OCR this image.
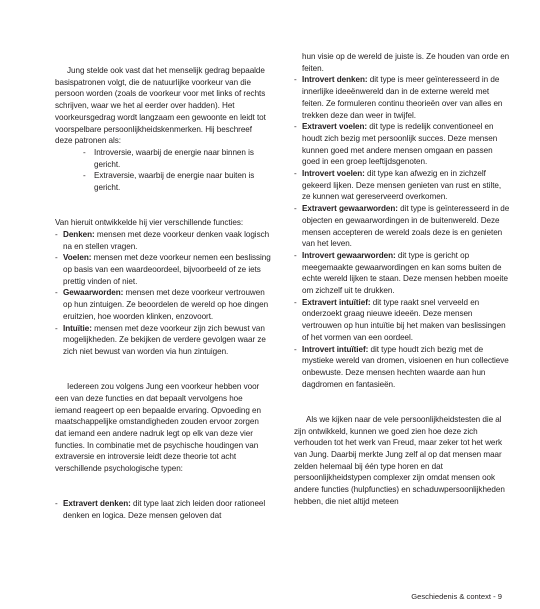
Jung stelde ook vast dat het menselijk gedrag bepaalde basispatronen volgt, die de natuurlijke voorkeur van die persoon worden (zoals de voorkeur voor met links of rechts schrijven, waar we het al eerder over hadden). Het voorkeursgedrag wordt langzaam een gewoonte en leidt tot voorspelbare persoonlijkheidskenmerken. Hij beschreef deze patronen als:

- Introversie, waarbij de energie naar binnen is gericht.
- Extraversie, waarbij de energie naar buiten is gericht.

Van hieruit ontwikkelde hij vier verschillende functies:

- Denken: mensen met deze voorkeur denken vaak logisch na en stellen vragen.
- Voelen: mensen met deze voorkeur nemen een beslissing op basis van een waardeoordeel, bijvoorbeeld of ze iets prettig vinden of niet.
- Gewaarworden: mensen met deze voorkeur vertrouwen op hun zintuigen. Ze beoordelen de wereld op hoe dingen eruitzien, hoe woorden klinken, enzovoort.
- Intuïtie: mensen met deze voorkeur zijn zich bewust van mogelijkheden. Ze bekijken de verdere gevolgen waar ze zich niet bewust van worden via hun zintuigen.

Iedereen zou volgens Jung een voorkeur hebben voor een van deze functies en dat bepaalt vervolgens hoe iemand reageert op een bepaalde ervaring. Opvoeding en maatschappelijke omstandigheden zouden ervoor zorgen dat iemand een andere nadruk legt op elk van deze vier functies. In combinatie met de psychische houdingen van extraversie en introversie leidt deze theorie tot acht verschillende psychologische typen:

- Extravert denken: dit type laat zich leiden door rationeel denken en logica. Deze mensen geloven dat

hun visie op de wereld de juiste is. Ze houden van orde en feiten.

- Introvert denken: dit type is meer geïnteresseerd in de innerlijke ideeënwereld dan in de externe wereld met feiten. Ze formuleren continu theorieën over van alles en trekken deze dan weer in twijfel.
- Extravert voelen: dit type is redelijk conventioneel en houdt zich bezig met persoonlijk succes. Deze mensen kunnen goed met andere mensen omgaan en passen goed in een groep leeftijdsgenoten.
- Introvert voelen: dit type kan afwezig en in zichzelf gekeerd lijken. Deze mensen genieten van rust en stilte, ze kunnen wat gereserveerd overkomen.
- Extravert gewaarworden: dit type is geïnteresseerd in de objecten en gewaarwordingen in de buitenwereld. Deze mensen accepteren de wereld zoals deze is en genieten van het leven.
- Introvert gewaarworden: dit type is gericht op meegemaakte gewaarwordingen en kan soms buiten de echte wereld lijken te staan. Deze mensen hebben moeite om zichzelf uit te drukken.
- Extravert intuïtief: dit type raakt snel verveeld en onderzoekt graag nieuwe ideeën. Deze mensen vertrouwen op hun intuïtie bij het maken van beslissingen of het vormen van een oordeel.
- Introvert intuïtief: dit type houdt zich bezig met de mystieke wereld van dromen, visioenen en hun collectieve onbewuste. Deze mensen hechten waarde aan hun dagdromen en fantasieën.

Als we kijken naar de vele persoonlijkheidstesten die al zijn ontwikkeld, kunnen we goed zien hoe deze zich verhouden tot het werk van Freud, maar zeker tot het werk van Jung. Daarbij merkte Jung zelf al op dat mensen maar zelden helemaal bij één type horen en dat persoonlijkheidstypen complexer zijn omdat mensen ook andere functies (hulpfuncties) en schaduwpersoonlijkheden hebben, die niet altijd meteen

Geschiedenis & context - 9
